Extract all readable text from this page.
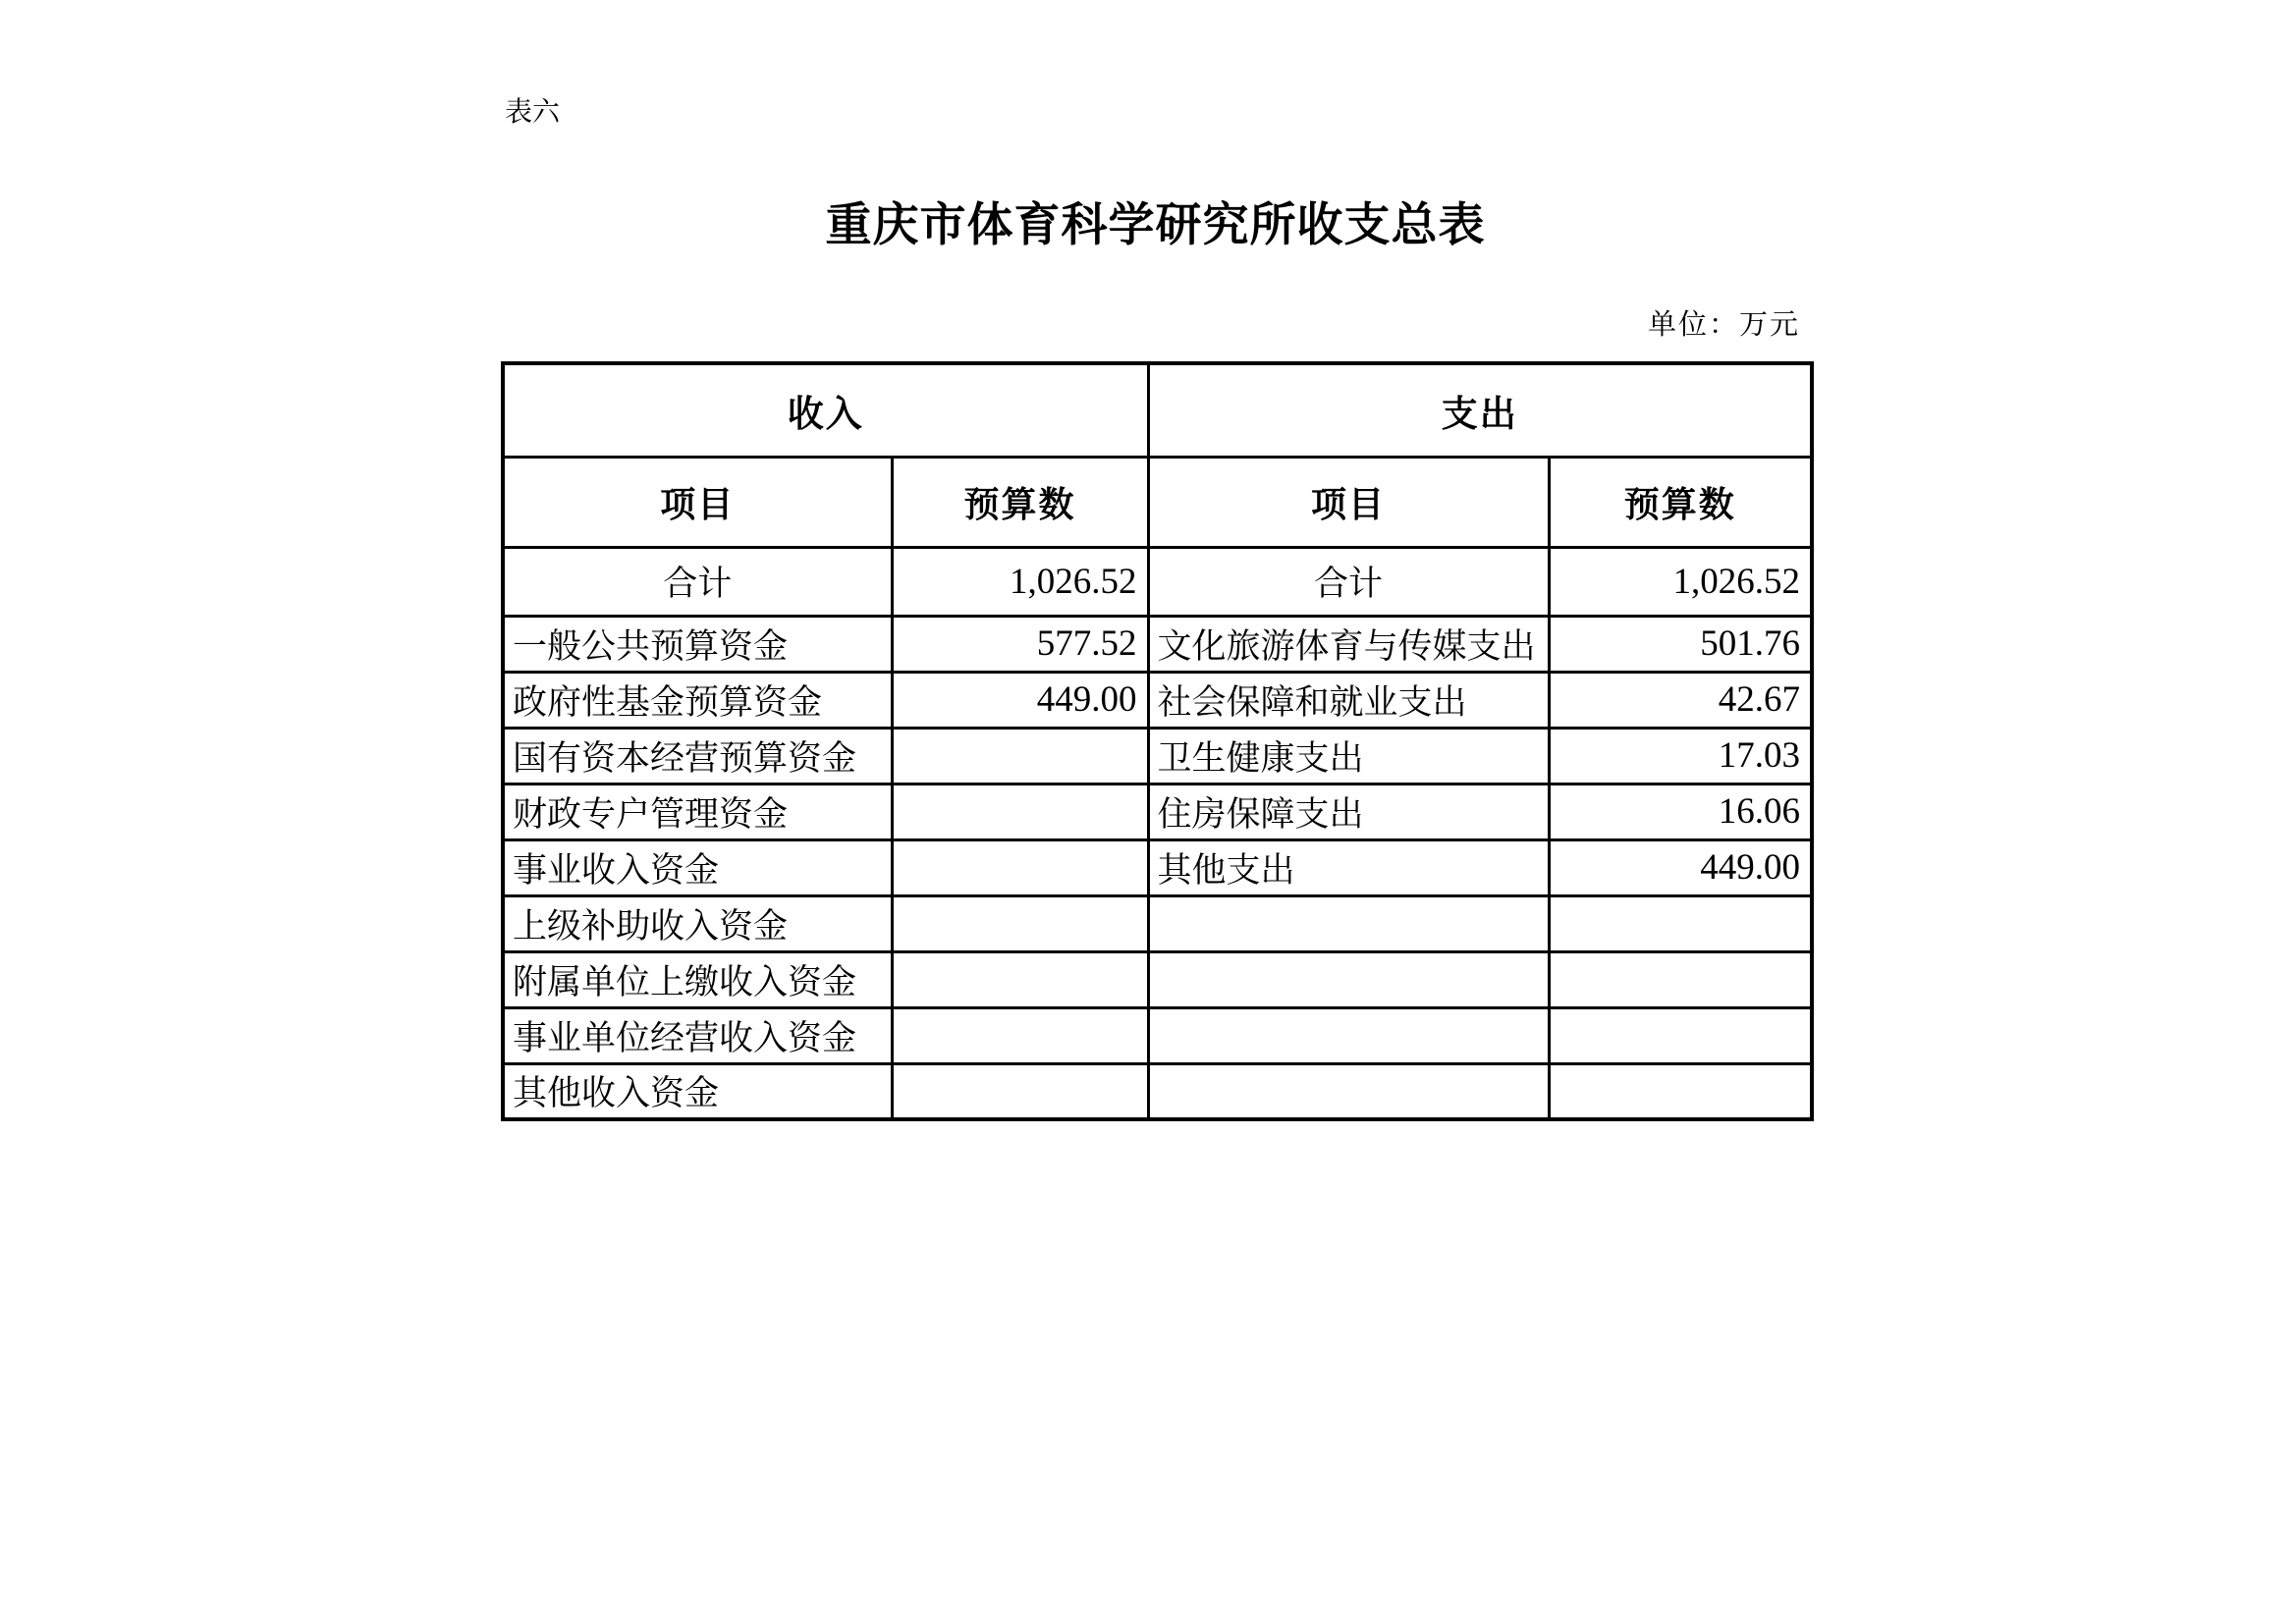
表六
重庆市体育科学研究所收支总表
单位：万元
收入		支出	
项目	预算数	项目	预算数
合计	1,026.52	合计	1,026.52
一般公共预算资金	577.52	文化旅游体育与传媒支出	501.76
政府性基金预算资金	449.00	社会保障和就业支出	42.67
国有资本经营预算资金		卫生健康支出	17.03
财政专户管理资金		住房保障支出	16.06
事业收入资金		其他支出	449.00
上级补助收入资金			
附属单位上缴收入资金			
事业单位经营收入资金			
其他收入资金			
